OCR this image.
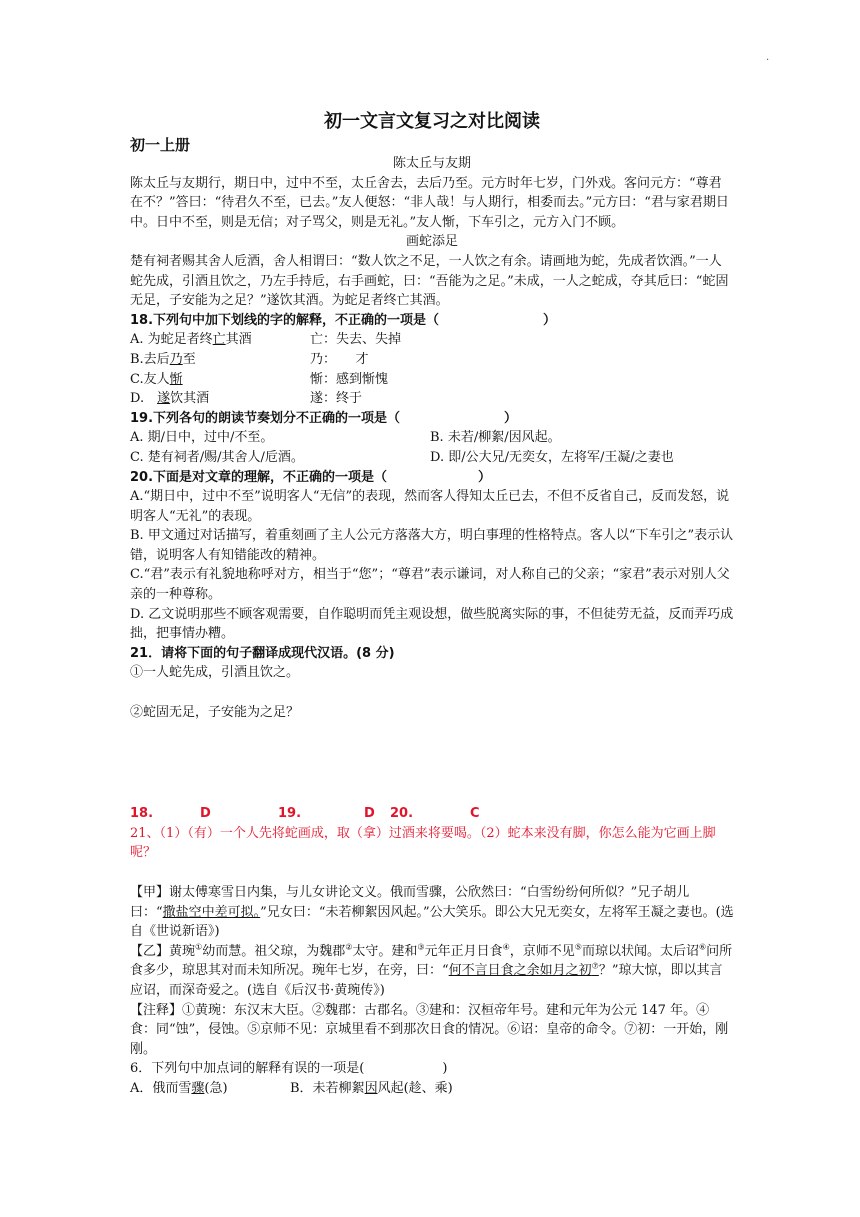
.
初一文言文复习之对比阅读
初一上册

陈太丘与友期

陈太丘与友期行，期日中，过中不至，太丘舍去，去后乃至。元方时年七岁，门外戏。客问元方：“尊君在不？”答曰：“待君久不至，已去。”友人便怒：“非人哉！与人期行，相委而去。”元方曰：“君与家君期日中。日中不至，则是无信；对子骂父，则是无礼。”友人惭，下车引之，元方入门不顾。

画蛇添足

楚有祠者赐其舍人卮酒，舍人相谓曰：“数人饮之不足，一人饮之有余。请画地为蛇，先成者饮酒。”一人蛇先成，引酒且饮之，乃左手持卮，右手画蛇，曰：“吾能为之足。”未成，一人之蛇成，夺其卮曰：“蛇固无足，子安能为之足？”遂饮其酒。为蛇足者终亡其酒。

18.下列句中加下划线的字的解释，不正确的一项是（　　　　　　　　）

A. 为蛇足者终亡其酒	亡：失去、失掉
B.去后乃至	乃：　　才
C.友人惭	惭：感到惭愧
D.　遂饮其酒	遂：终于

19.下列各句的朗读节奏划分不正确的一项是（　　　　　　　　）

A. 期/日中，过中/不至。	B. 未若/柳絮/因风起。
C. 楚有祠者/赐/其舍人/卮酒。	D. 即/公大兄/无奕女，左将军/王凝/之妻也

20.下面是对文章的理解，不正确的一项是（　　　　　　　）

A.“期日中，过中不至”说明客人“无信”的表现，然而客人得知太丘已去，不但不反省自己，反而发怒，说明客人“无礼”的表现。

B. 甲文通过对话描写，着重刻画了主人公元方落落大方，明白事理的性格特点。客人以“下车引之”表示认错，说明客人有知错能改的精神。

C.“君”表示有礼貌地称呼对方，相当于“您”；“尊君”表示谦词，对人称自己的父亲；“家君”表示对别人父亲的一种尊称。

D. 乙文说明那些不顾客观需要，自作聪明而凭主观设想，做些脱离实际的事，不但徒劳无益，反而弄巧成拙，把事情办糟。

21．请将下面的句子翻译成现代汉语。(8 分)

①一人蛇先成，引酒且饮之。

②蛇固无足，子安能为之足？

18.	D	19.	D	20.	C

21、（1）（有）一个人先将蛇画成，取（拿）过酒来将要喝。（2）蛇本来没有脚，你怎么能为它画上脚呢？

【甲】谢太傅寒雪日内集，与儿女讲论文义。俄而雪骤，公欣然曰：“白雪纷纷何所似？”兄子胡儿曰：“撒盐空中差可拟。”兄女曰：“未若柳絮因风起。”公大笑乐。即公大兄无奕女，左将军王凝之妻也。(选自《世说新语》)

【乙】黄琬①幼而慧。祖父琼，为魏郡②太守。建和③元年正月日食④，京师不见⑤而琼以状闻。太后诏⑥问所食多少，琼思其对而未知所况。琬年七岁，在旁，曰：“何不言日食之余如月之初⑦？”琼大惊，即以其言应诏，而深奇爱之。(选自《后汉书·黄琬传》)

【注释】①黄琬：东汉末大臣。②魏郡：古郡名。③建和：汉桓帝年号。建和元年为公元 147 年。④食：同“蚀”，侵蚀。⑤京师不见：京城里看不到那次日食的情况。⑥诏：皇帝的命令。⑦初：一开始，刚刚。

6．下列句中加点词的解释有误的一项是(　　　　　　)

A．俄而雪骤(急)	B．未若柳絮因风起(趁、乘)
